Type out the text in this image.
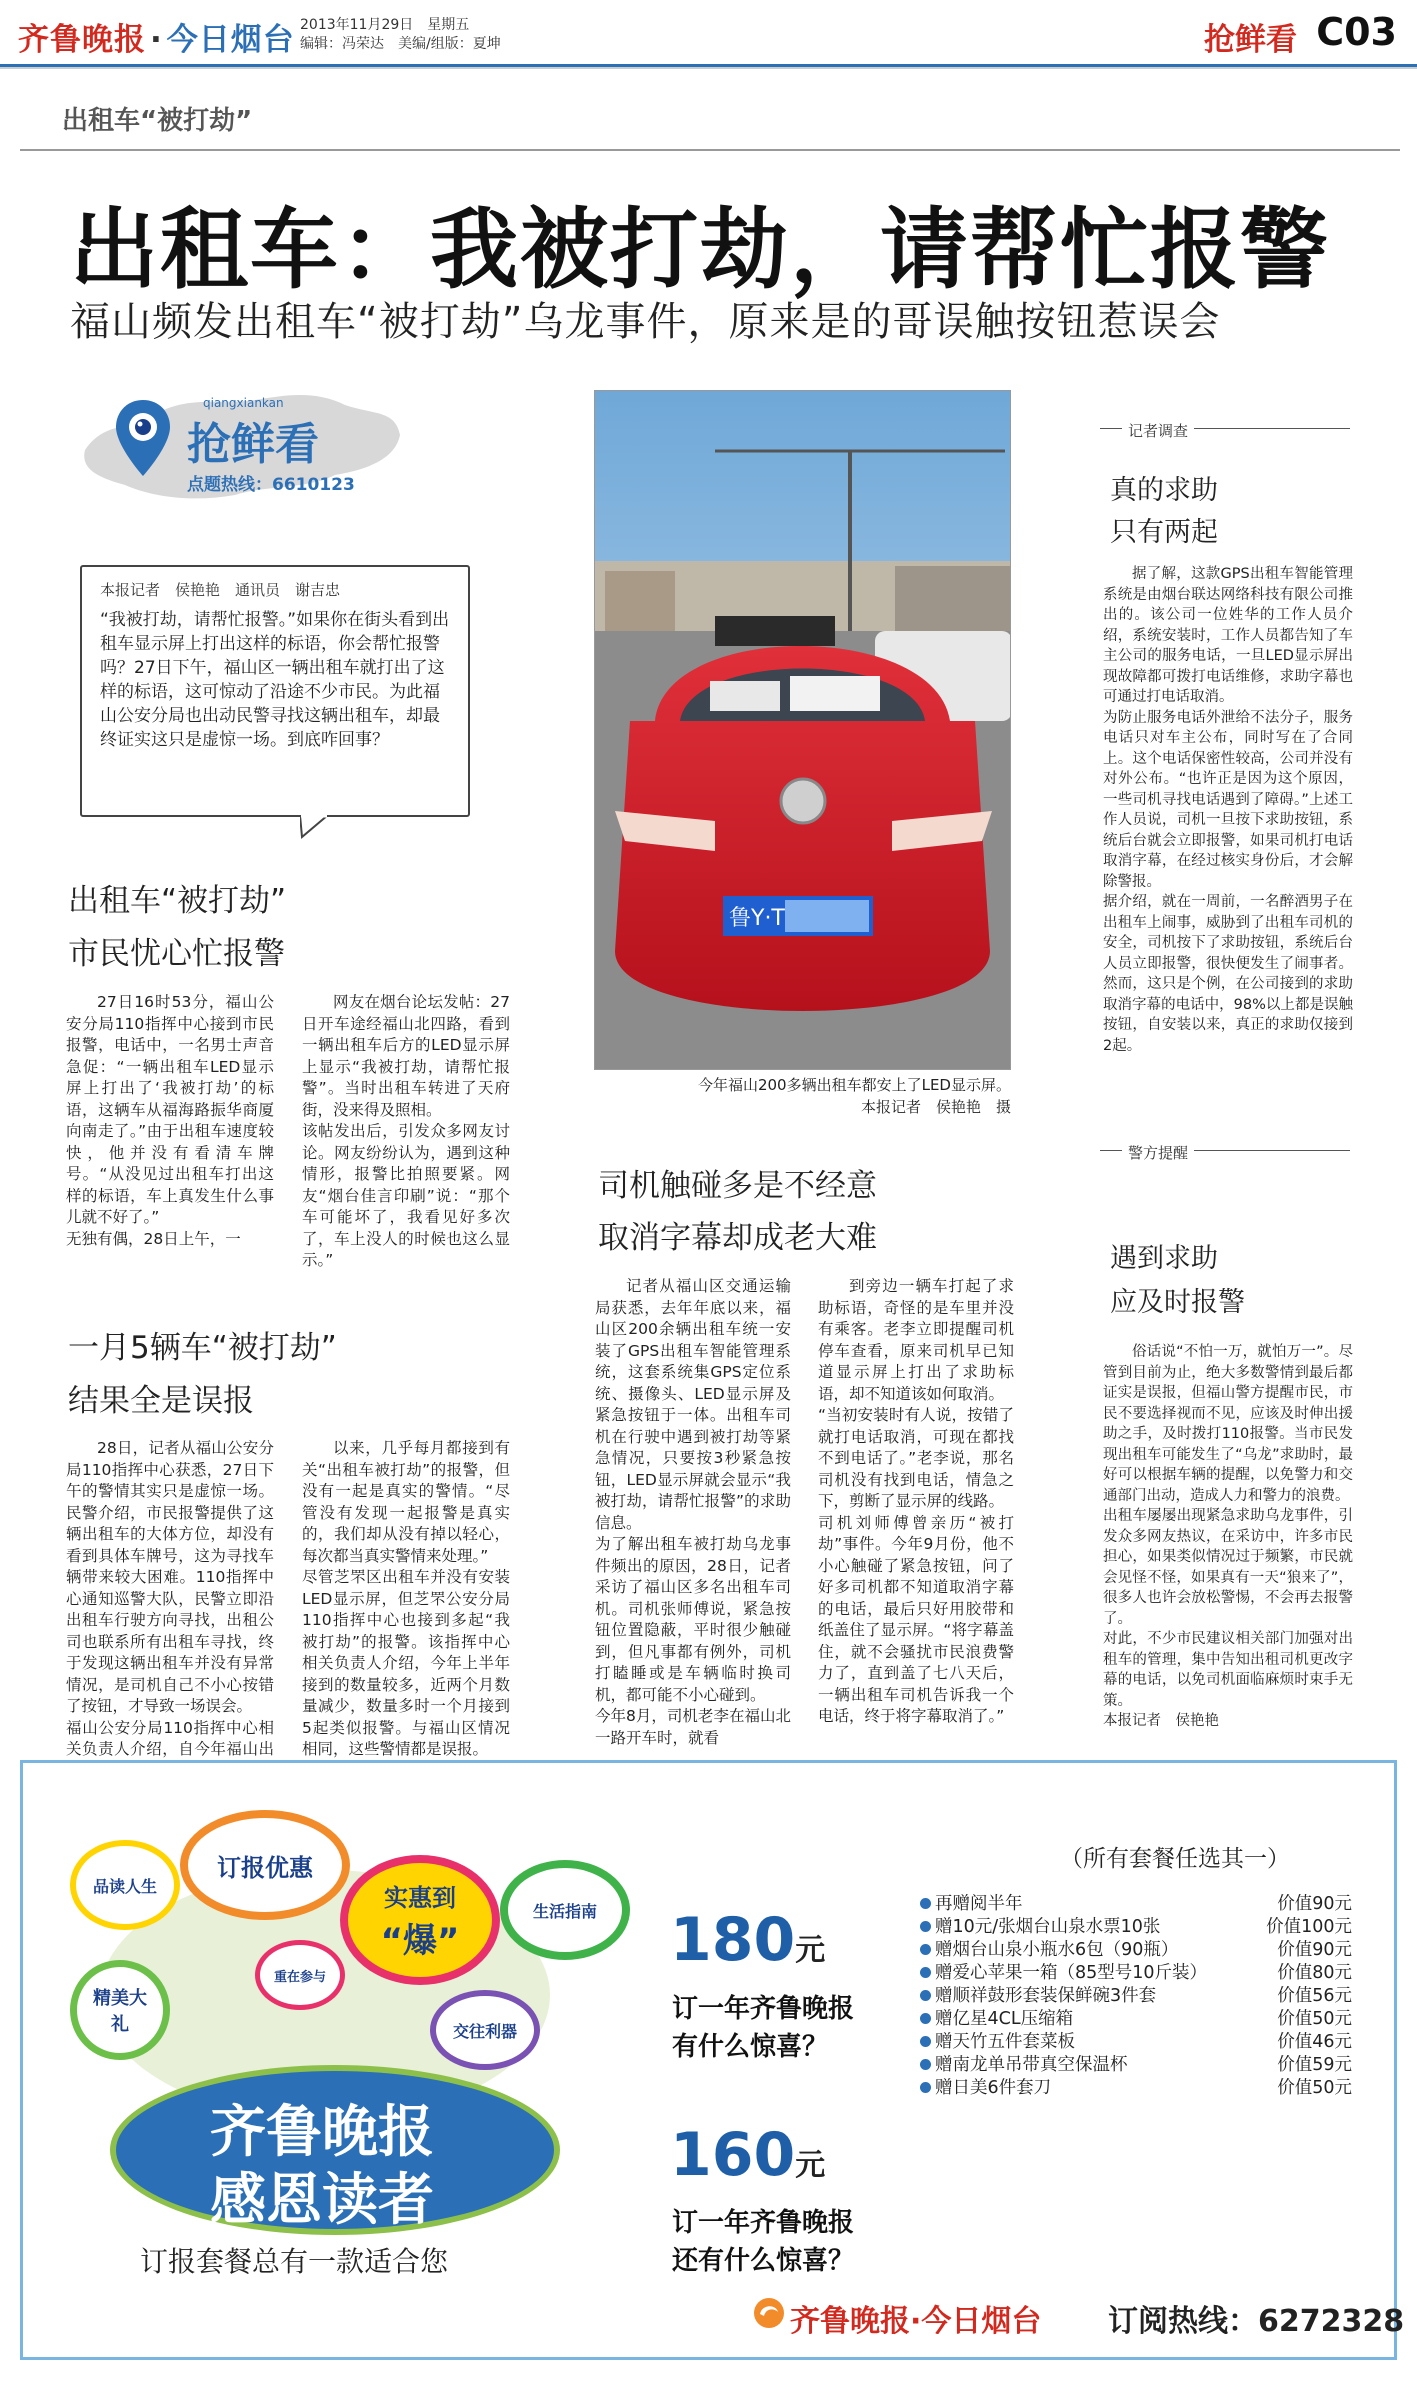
齐鲁晚报 · 今日烟台 2013年11月29日　星期五
编辑：冯荣达　美编/组版：夏坤	抢鲜看 C03
出租车“被打劫”
出租车：我被打劫，请帮忙报警
福山频发出租车“被打劫”乌龙事件，原来是的哥误触按钮惹误会
qiangxiankan
抢鲜看
点题热线：6610123
本报记者　侯艳艳　通讯员　谢吉忠
“我被打劫，请帮忙报警。”如果你在街头看到出租车显示屏上打出这样的标语，你会帮忙报警吗？27日下午，福山区一辆出租车就打出了这样的标语，这可惊动了沿途不少市民。为此福山公安分局也出动民警寻找这辆出租车，却最终证实这只是虚惊一场。到底咋回事？
出租车“被打劫”
市民忧心忙报警
27日16时53分，福山公安分局110指挥中心接到市民报警，电话中，一名男士声音急促：“一辆出租车LED显示屏上打出了‘我被打劫’的标语，这辆车从福海路振华商厦向南走了。”由于出租车速度较快，他并没有看清车牌号。“从没见过出租车打出这样的标语，车上真发生什么事儿就不好了。”
无独有偶，28日上午，一
网友在烟台论坛发帖：27日开车途经福山北四路，看到一辆出租车后方的LED显示屏上显示“我被打劫，请帮忙报警”。当时出租车转进了天府街，没来得及照相。
该帖发出后，引发众多网友讨论。网友纷纷认为，遇到这种情形，报警比拍照要紧。网友“烟台佳言印刷”说：“那个车可能坏了，我看见好多次了，车上没人的时候也这么显示。”
一月5辆车“被打劫”
结果全是误报
28日，记者从福山公安分局110指挥中心获悉，27日下午的警情其实只是虚惊一场。民警介绍，市民报警提供了这辆出租车的大体方位，却没有看到具体车牌号，这为寻找车辆带来较大困难。110指挥中心通知巡警大队，民警立即沿出租车行驶方向寻找，出租公司也联系所有出租车寻找，终于发现这辆出租车并没有异常情况，是司机自己不小心按错了按钮，才导致一场误会。
福山公安分局110指挥中心相关负责人介绍，自今年福山出
以来，几乎每月都接到有关“出租车被打劫”的报警，但没有一起是真实的警情。“尽管没有发现一起报警是真实的，我们却从没有掉以轻心，每次都当真实警情来处理。”
尽管芝罘区出租车并没有安装LED显示屏，但芝罘公安分局110指挥中心也接到多起“我被打劫”的报警。该指挥中心相关负责人介绍，今年上半年接到的数量较多，近两个月数量减少，数量多时一个月接到5起类似报警。与福山区情况相同，这些警情都是误报。
鲁Y·T
今年福山200多辆出租车都安上了LED显示屏。
本报记者　侯艳艳　摄
司机触碰多是不经意
取消字幕却成老大难
记者从福山区交通运输局获悉，去年年底以来，福山区200余辆出租车统一安装了GPS出租车智能管理系统，这套系统集GPS定位系统、摄像头、LED显示屏及紧急按钮于一体。出租车司机在行驶中遇到被打劫等紧急情况，只要按3秒紧急按钮，LED显示屏就会显示“我被打劫，请帮忙报警”的求助信息。
为了解出租车被打劫乌龙事件频出的原因，28日，记者采访了福山区多名出租车司机。司机张师傅说，紧急按钮位置隐蔽，平时很少触碰到，但凡事都有例外，司机打瞌睡或是车辆临时换司机，都可能不小心碰到。
今年8月，司机老李在福山北一路开车时，就看
到旁边一辆车打起了求助标语，奇怪的是车里并没有乘客。老李立即提醒司机停车查看，原来司机早已知道显示屏上打出了求助标语，却不知道该如何取消。
“当初安装时有人说，按错了就打电话取消，可现在都找不到电话了。”老李说，那名司机没有找到电话，情急之下，剪断了显示屏的线路。
司机刘师傅曾亲历“被打劫”事件。今年9月份，他不小心触碰了紧急按钮，问了好多司机都不知道取消字幕的电话，最后只好用胶带和纸盖住了显示屏。“将字幕盖住，就不会骚扰市民浪费警力了，直到盖了七八天后，一辆出租车司机告诉我一个电话，终于将字幕取消了。”
记者调查
真的求助
只有两起
据了解，这款GPS出租车智能管理系统是由烟台联达网络科技有限公司推出的。该公司一位姓华的工作人员介绍，系统安装时，工作人员都告知了车主公司的服务电话，一旦LED显示屏出现故障都可拨打电话维修，求助字幕也可通过打电话取消。
为防止服务电话外泄给不法分子，服务电话只对车主公布，同时写在了合同上。这个电话保密性较高，公司并没有对外公布。“也许正是因为这个原因，一些司机寻找电话遇到了障碍。”上述工作人员说，司机一旦按下求助按钮，系统后台就会立即报警，如果司机打电话取消字幕，在经过核实身份后，才会解除警报。
据介绍，就在一周前，一名醉酒男子在出租车上闹事，威胁到了出租车司机的安全，司机按下了求助按钮，系统后台人员立即报警，很快便发生了闹事者。然而，这只是个例，在公司接到的求助取消字幕的电话中，98%以上都是误触按钮，自安装以来，真正的求助仅接到2起。
警方提醒
遇到求助
应及时报警
俗话说“不怕一万，就怕万一”。尽管到目前为止，绝大多数警情到最后都证实是误报，但福山警方提醒市民，市民不要选择视而不见，应该及时伸出援助之手，及时拨打110报警。当市民发现出租车可能发生了“乌龙”求助时，最好可以根据车辆的提醒，以免警力和交通部门出动，造成人力和警力的浪费。
出租车屡屡出现紧急求助乌龙事件，引发众多网友热议，在采访中，许多市民担心，如果类似情况过于频繁，市民就会见怪不怪，如果真有一天“狼来了”，很多人也许会放松警惕，不会再去报警了。
对此，不少市民建议相关部门加强对出租车的管理，集中告知出租司机更改字幕的电话，以免司机面临麻烦时束手无策。
本报记者　侯艳艳
品读人生
订报优惠
实惠到
“爆”
生活指南
精美大礼
重在参与
交往利器
齐鲁晚报
感恩读者
订报套餐总有一款适合您
（所有套餐任选其一）
180元
订一年齐鲁晚报
有什么惊喜？
160元
订一年齐鲁晚报
还有什么惊喜？
再赠阅半年	价值90元
赠10元/张烟台山泉水票10张	价值100元
赠烟台山泉小瓶水6包（90瓶）	价值90元
赠爱心苹果一箱（85型号10斤装）	价值80元
赠顺祥鼓形套装保鲜碗3件套	价值56元
赠亿星4CL压缩箱	价值50元
赠天竹五件套菜板	价值46元
赠南龙单吊带真空保温杯	价值59元
赠日美6件套刀	价值50元
齐鲁晚报·今日烟台 订阅热线：6272328
